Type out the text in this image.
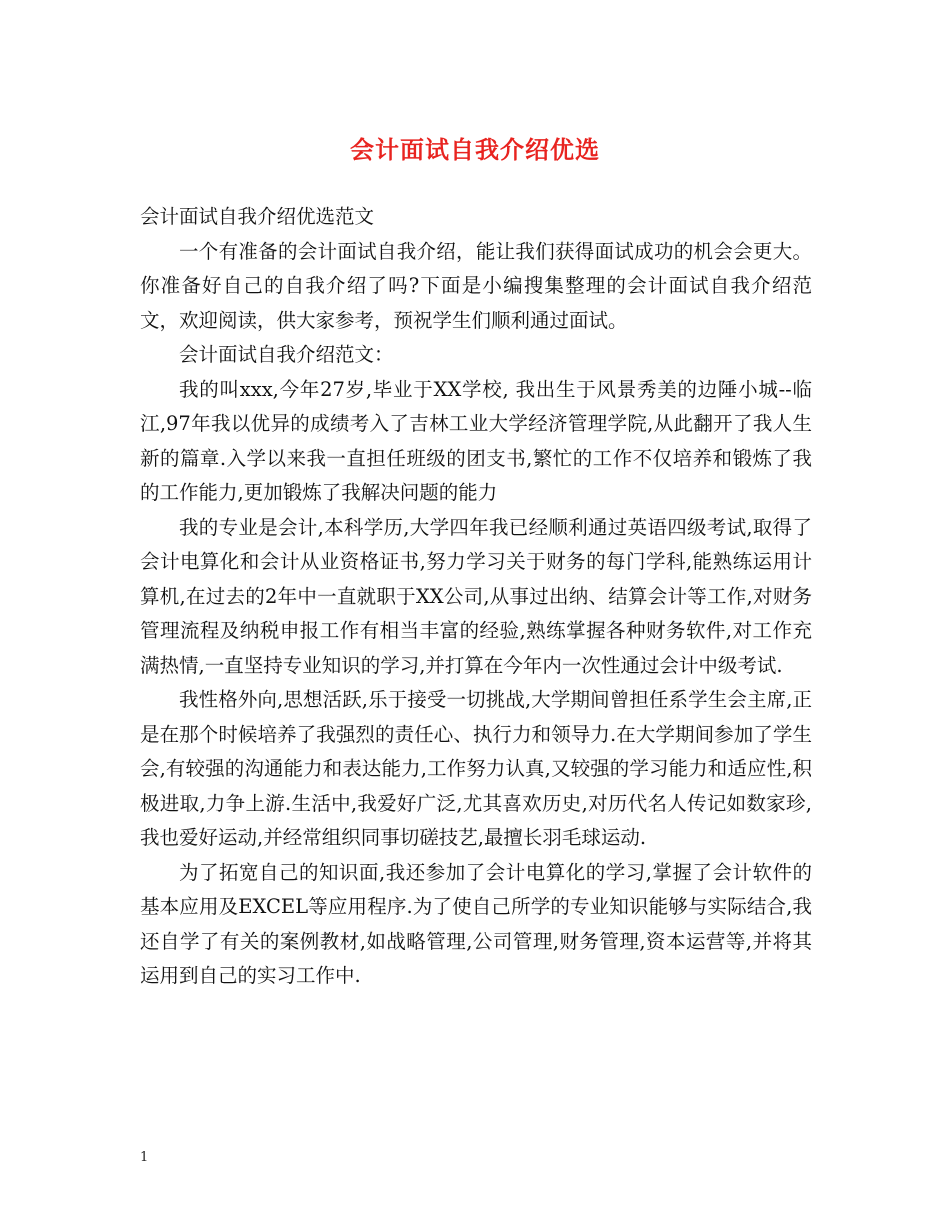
会计面试自我介绍优选

会计面试自我介绍优选范文

一个有准备的会计面试自我介绍，能让我们获得面试成功的机会会更大。你准备好自己的自我介绍了吗?下面是小编搜集整理的会计面试自我介绍范文，欢迎阅读，供大家参考，预祝学生们顺利通过面试。

会计面试自我介绍范文：

我的叫xxx,今年27岁,毕业于XX学校, 我出生于风景秀美的边陲小城--临江,97年我以优异的成绩考入了吉林工业大学经济管理学院,从此翻开了我人生新的篇章.入学以来我一直担任班级的团支书,繁忙的工作不仅培养和锻炼了我的工作能力,更加锻炼了我解决问题的能力

我的专业是会计,本科学历,大学四年我已经顺利通过英语四级考试,取得了会计电算化和会计从业资格证书,努力学习关于财务的每门学科,能熟练运用计算机,在过去的2年中一直就职于XX公司,从事过出纳、结算会计等工作,对财务管理流程及纳税申报工作有相当丰富的经验,熟练掌握各种财务软件,对工作充满热情,一直坚持专业知识的学习,并打算在今年内一次性通过会计中级考试.

我性格外向,思想活跃,乐于接受一切挑战,大学期间曾担任系学生会主席,正是在那个时候培养了我强烈的责任心、执行力和领导力.在大学期间参加了学生会,有较强的沟通能力和表达能力,工作努力认真,又较强的学习能力和适应性,积极进取,力争上游.生活中,我爱好广泛,尤其喜欢历史,对历代名人传记如数家珍,我也爱好运动,并经常组织同事切磋技艺,最擅长羽毛球运动.

为了拓宽自己的知识面,我还参加了会计电算化的学习,掌握了会计软件的基本应用及EXCEL等应用程序.为了使自己所学的专业知识能够与实际结合,我还自学了有关的案例教材,如战略管理,公司管理,财务管理,资本运营等,并将其运用到自己的实习工作中.

1
